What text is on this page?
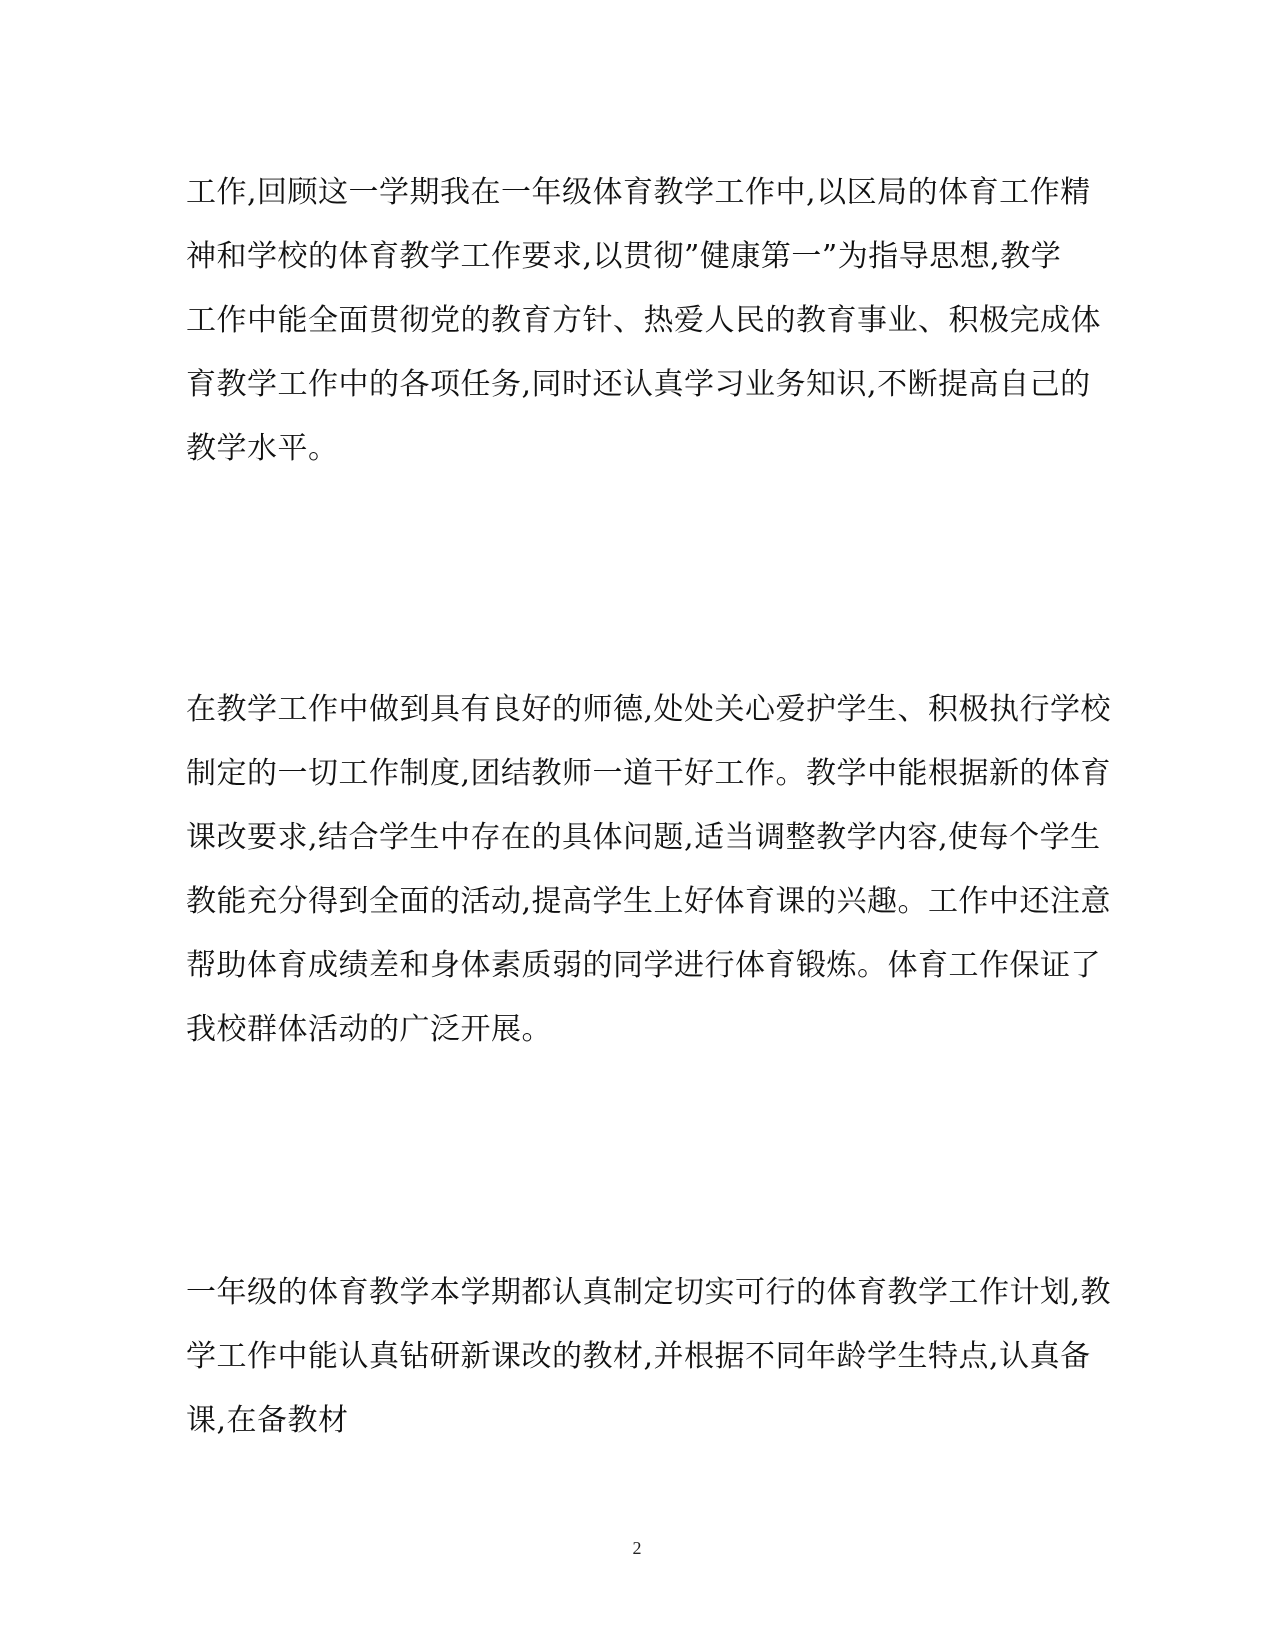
工作,回顾这一学期我在一年级体育教学工作中,以区局的体育工作精
神和学校的体育教学工作要求,以贯彻”健康第一”为指导思想,教学
工作中能全面贯彻党的教育方针、热爱人民的教育事业、积极完成体
育教学工作中的各项任务,同时还认真学习业务知识,不断提高自己的
教学水平。
在教学工作中做到具有良好的师德,处处关心爱护学生、积极执行学校
制定的一切工作制度,团结教师一道干好工作。教学中能根据新的体育
课改要求,结合学生中存在的具体问题,适当调整教学内容,使每个学生
教能充分得到全面的活动,提高学生上好体育课的兴趣。工作中还注意
帮助体育成绩差和身体素质弱的同学进行体育锻炼。体育工作保证了
我校群体活动的广泛开展。
一年级的体育教学本学期都认真制定切实可行的体育教学工作计划,教
学工作中能认真钻研新课改的教材,并根据不同年龄学生特点,认真备
课,在备教材
2
